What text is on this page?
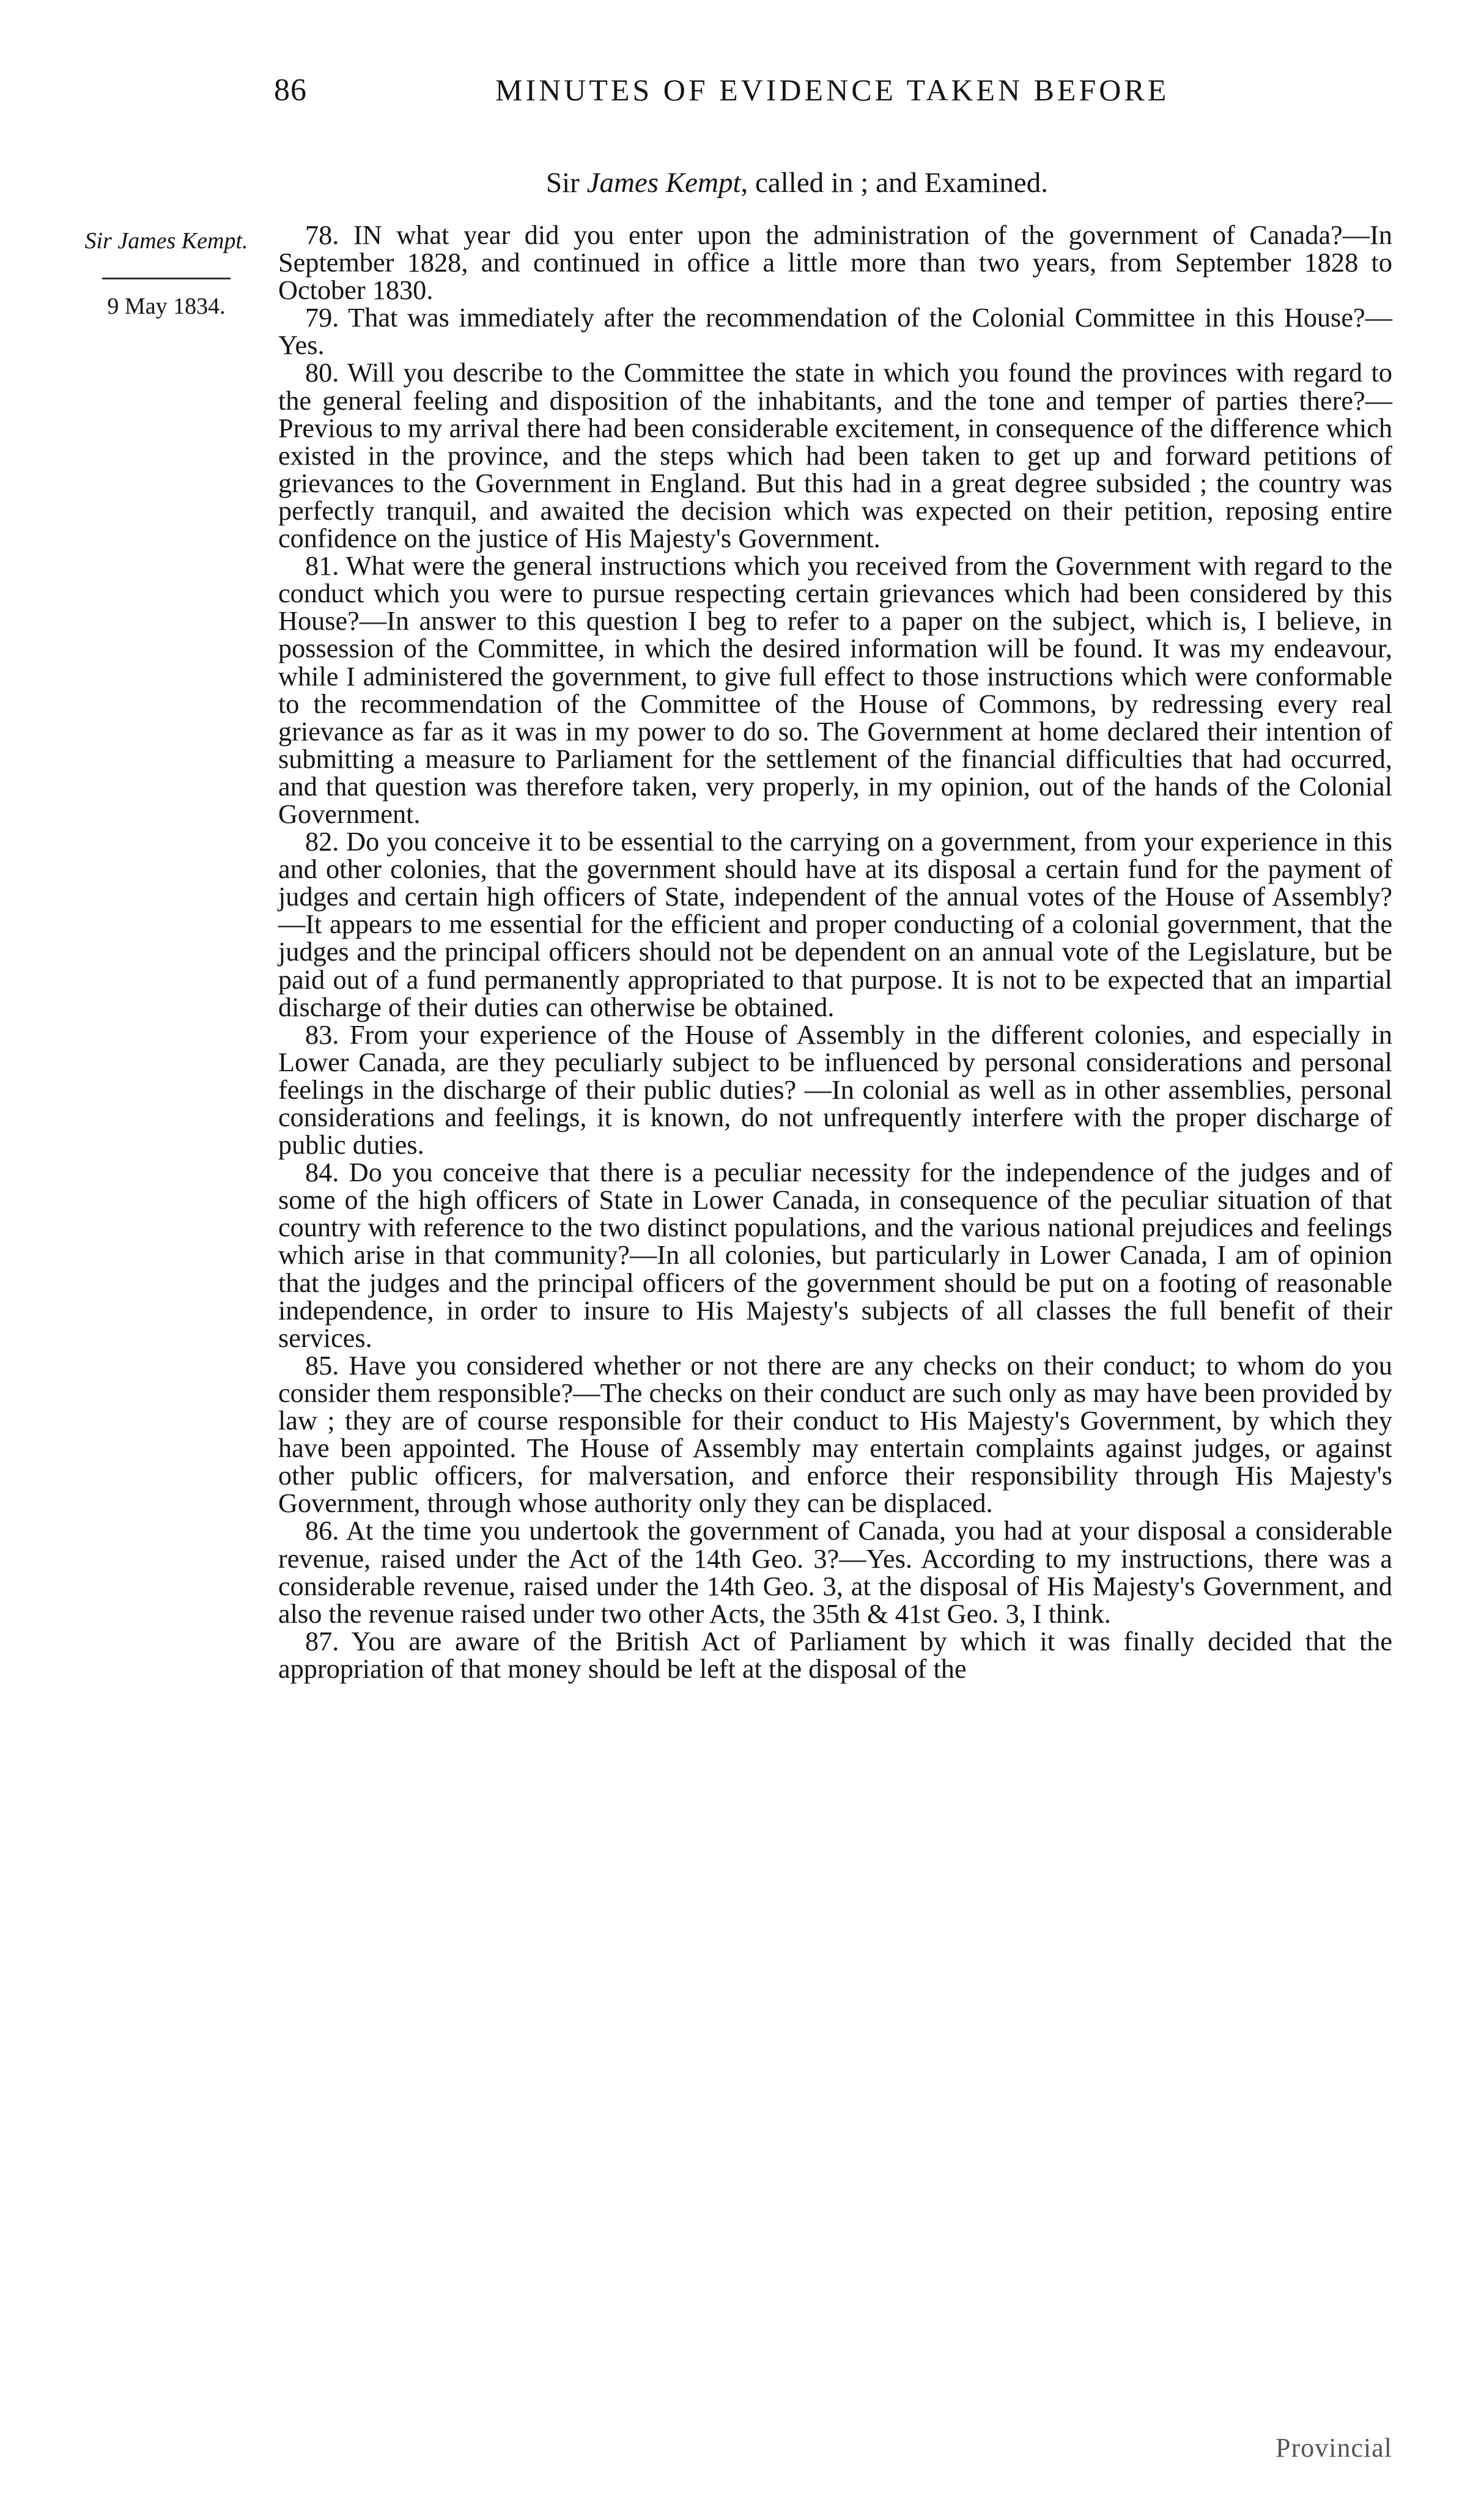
86	MINUTES OF EVIDENCE TAKEN BEFORE
Sir James Kempt, called in ; and Examined.
Sir James Kempt.
9 May 1834.

78. IN what year did you enter upon the administration of the government of Canada?—In September 1828, and continued in office a little more than two years, from September 1828 to October 1830.

79. That was immediately after the recommendation of the Colonial Committee in this House?—Yes.

80. Will you describe to the Committee the state in which you found the provinces with regard to the general feeling and disposition of the inhabitants, and the tone and temper of parties there?—Previous to my arrival there had been considerable excitement, in consequence of the difference which existed in the province, and the steps which had been taken to get up and forward petitions of grievances to the Government in England. But this had in a great degree subsided ; the country was perfectly tranquil, and awaited the decision which was expected on their petition, reposing entire confidence on the justice of His Majesty's Government.

81. What were the general instructions which you received from the Government with regard to the conduct which you were to pursue respecting certain grievances which had been considered by this House?—In answer to this question I beg to refer to a paper on the subject, which is, I believe, in possession of the Committee, in which the desired information will be found. It was my endeavour, while I administered the government, to give full effect to those instructions which were conformable to the recommendation of the Committee of the House of Commons, by redressing every real grievance as far as it was in my power to do so. The Government at home declared their intention of submitting a measure to Parliament for the settlement of the financial difficulties that had occurred, and that question was therefore taken, very properly, in my opinion, out of the hands of the Colonial Government.

82. Do you conceive it to be essential to the carrying on a government, from your experience in this and other colonies, that the government should have at its disposal a certain fund for the payment of judges and certain high officers of State, independent of the annual votes of the House of Assembly?—It appears to me essential for the efficient and proper conducting of a colonial government, that the judges and the principal officers should not be dependent on an annual vote of the Legislature, but be paid out of a fund permanently appropriated to that purpose. It is not to be expected that an impartial discharge of their duties can otherwise be obtained.

83. From your experience of the House of Assembly in the different colonies, and especially in Lower Canada, are they peculiarly subject to be influenced by personal considerations and personal feelings in the discharge of their public duties? —In colonial as well as in other assemblies, personal considerations and feelings, it is known, do not unfrequently interfere with the proper discharge of public duties.

84. Do you conceive that there is a peculiar necessity for the independence of the judges and of some of the high officers of State in Lower Canada, in consequence of the peculiar situation of that country with reference to the two distinct populations, and the various national prejudices and feelings which arise in that community?—In all colonies, but particularly in Lower Canada, I am of opinion that the judges and the principal officers of the government should be put on a footing of reasonable independence, in order to insure to His Majesty's subjects of all classes the full benefit of their services.

85. Have you considered whether or not there are any checks on their conduct; to whom do you consider them responsible?—The checks on their conduct are such only as may have been provided by law ; they are of course responsible for their conduct to His Majesty's Government, by which they have been appointed. The House of Assembly may entertain complaints against judges, or against other public officers, for malversation, and enforce their responsibility through His Majesty's Government, through whose authority only they can be displaced.

86. At the time you undertook the government of Canada, you had at your disposal a considerable revenue, raised under the Act of the 14th Geo. 3?—Yes. According to my instructions, there was a considerable revenue, raised under the 14th Geo. 3, at the disposal of His Majesty's Government, and also the revenue raised under two other Acts, the 35th & 41st Geo. 3, I think.

87. You are aware of the British Act of Parliament by which it was finally decided that the appropriation of that money should be left at the disposal of the

Provincial
